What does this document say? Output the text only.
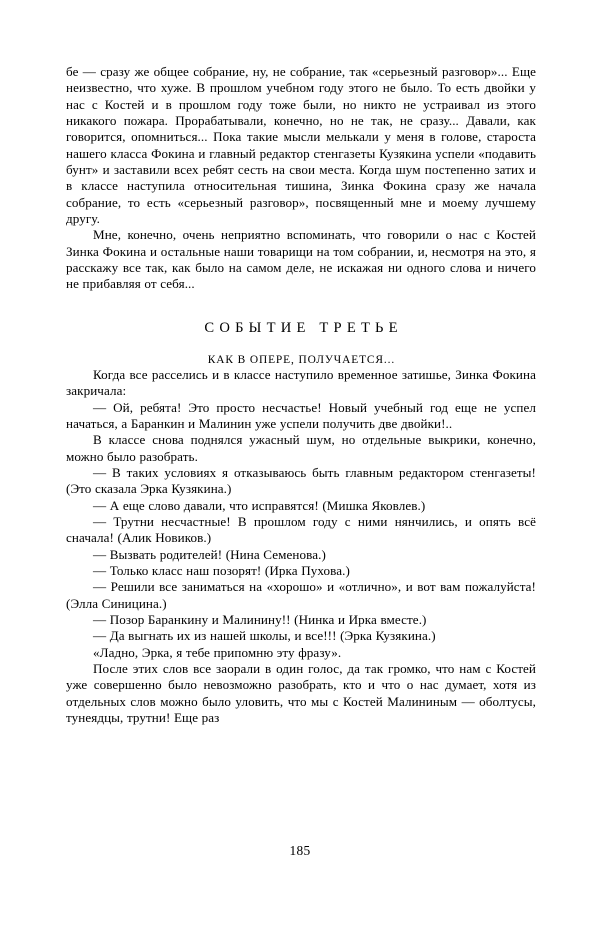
бе — сразу же общее собрание, ну, не собрание, так «серьезный разговор»... Еще неизвестно, что хуже. В прошлом учебном году этого не было. То есть двойки у нас с Костей и в прошлом году тоже были, но никто не устраивал из этого никакого пожара. Прорабатывали, конечно, но не так, не сразу... Давали, как говорится, опомниться... Пока такие мысли мелькали у меня в голове, староста нашего класса Фокина и главный редактор стенгазеты Кузякина успели «подавить бунт» и заставили всех ребят сесть на свои места. Когда шум постепенно затих и в классе наступила относительная тишина, Зинка Фокина сразу же начала собрание, то есть «серьезный разговор», посвященный мне и моему лучшему другу.

Мне, конечно, очень неприятно вспоминать, что говорили о нас с Костей Зинка Фокина и остальные наши товарищи на том собрании, и, несмотря на это, я расскажу все так, как было на самом деле, не искажая ни одного слова и ничего не прибавляя от себя...

СОБЫТИЕ ТРЕТЬЕ
КАК В ОПЕРЕ, ПОЛУЧАЕТСЯ...

Когда все расселись и в классе наступило временное затишье, Зинка Фокина закричала:

— Ой, ребята! Это просто несчастье! Новый учебный год еще не успел начаться, а Баранкин и Малинин уже успели получить две двойки!..

В классе снова поднялся ужасный шум, но отдельные выкрики, конечно, можно было разобрать.

— В таких условиях я отказываюсь быть главным редактором стенгазеты! (Это сказала Эрка Кузякина.)

— А еще слово давали, что исправятся! (Мишка Яковлев.)

— Трутни несчастные! В прошлом году с ними нянчились, и опять всё сначала! (Алик Новиков.)

— Вызвать родителей! (Нина Семенова.)

— Только класс наш позорят! (Ирка Пухова.)

— Решили все заниматься на «хорошо» и «отлично», и вот вам пожалуйста! (Элла Синицина.)

— Позор Баранкину и Малинину!! (Нинка и Ирка вместе.)

— Да выгнать их из нашей школы, и все!!! (Эрка Кузякина.)

«Ладно, Эрка, я тебе припомню эту фразу».

После этих слов все заорали в один голос, да так громко, что нам с Костей уже совершенно было невозможно разобрать, кто и что о нас думает, хотя из отдельных слов можно было уловить, что мы с Костей Малининым — оболтусы, тунеядцы, трутни! Еще раз

185
